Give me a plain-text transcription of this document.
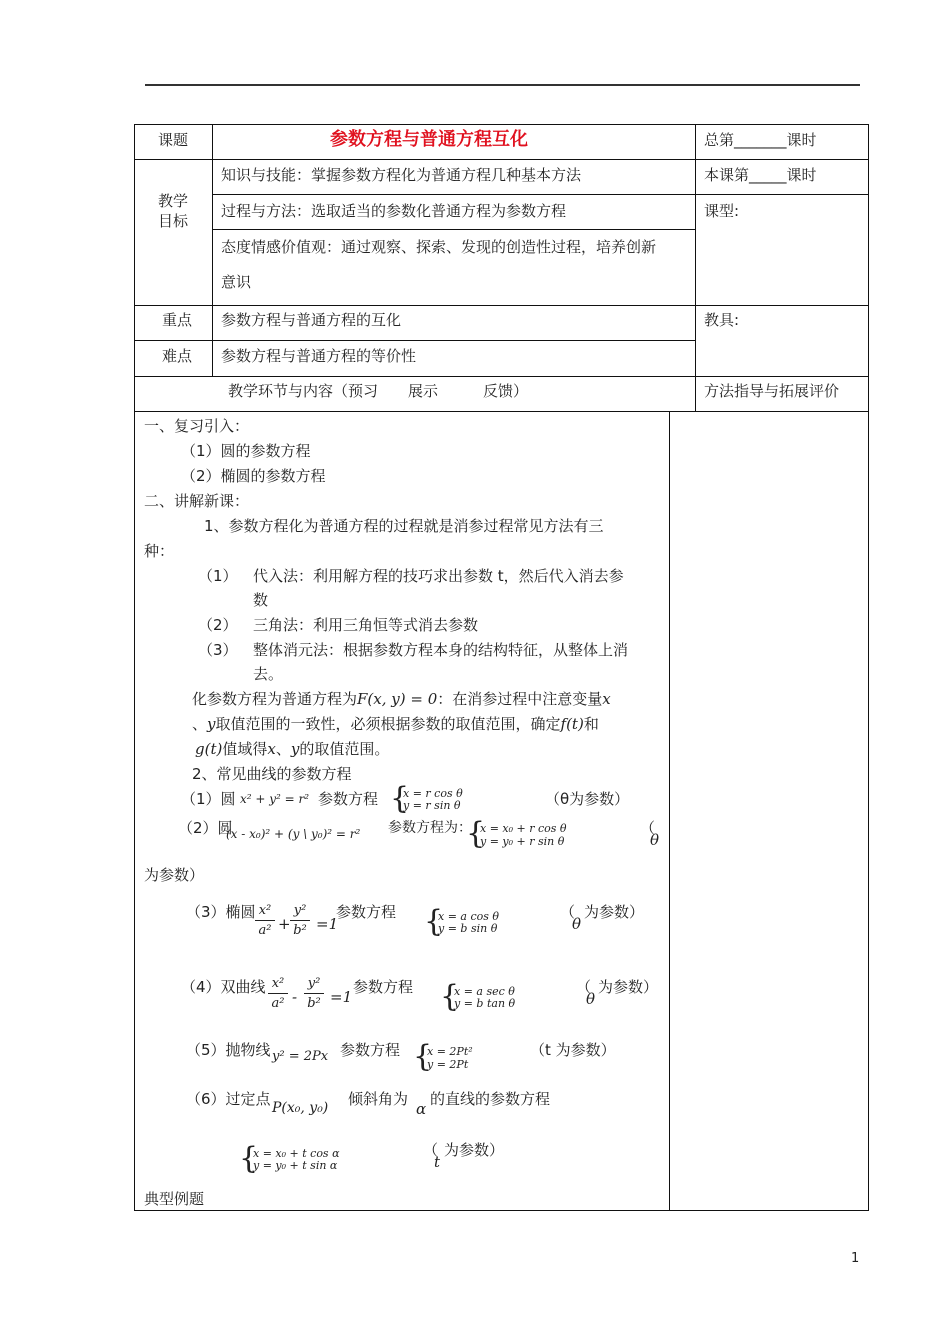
课题	参数方程与普通方程互化	总第_______课时
教学
目标
知识与技能：掌握参数方程化为普通方程几种基本方法	本课第_____课时
过程与方法：选取适当的参数化普通方程为参数方程	课型:
态度情感价值观：通过观察、探索、发现的创造性过程，培养创新
意识
重点 参数方程与普通方程的互化	教具:
难点 参数方程与普通方程的等价性
教学环节与内容（预习　　展示　　　反馈）	方法指导与拓展评价
一、复习引入：
（1）圆的参数方程
（2）椭圆的参数方程
二、讲解新课：
1、参数方程化为普通方程的过程就是消参过程常见方法有三
种：
（1） 代入法：利用解方程的技巧求出参数 t，然后代入消去参
数
（2） 三角法：利用三角恒等式消去参数
（3） 整体消元法：根据参数方程本身的结构特征，从整体上消
去。
化参数方程为普通方程为F(x, y) = 0：在消参过程中注意变量x
、y取值范围的一致性，必须根据参数的取值范围，确定f(t)和
g(t)值域得x、y的取值范围。
2、常见曲线的参数方程
（1）圆 x² + y² = r² 参数方程 {
x = r cos θ
y = r sin θ	（θ为参数）
（2）圆
(x - x₀)² + (y \ y₀)² = r² 参数方程为：
{
x = x₀ + r cos θ
y = y₀ + r sin θ
（
θ
为参数）
（3）椭圆 x²
a² +
y²
b² =1
参数方程 {
x = a cos θ
y = b sin θ
（
θ
为参数）
（4）双曲线 x²
a² -
y²
b² =1
参数方程 {
x = a sec θ
y = b tan θ
（
θ
为参数）
（5）抛物线 y² = 2Px 参数方程 {
x = 2Pt²
y = 2Pt
（t 为参数）
（6）过定点 P(x₀, y₀) 倾斜角为
α
的直线的参数方程
{
x = x₀ + t cos α
y = y₀ + t sin α
（
t
为参数）
典型例题
1
